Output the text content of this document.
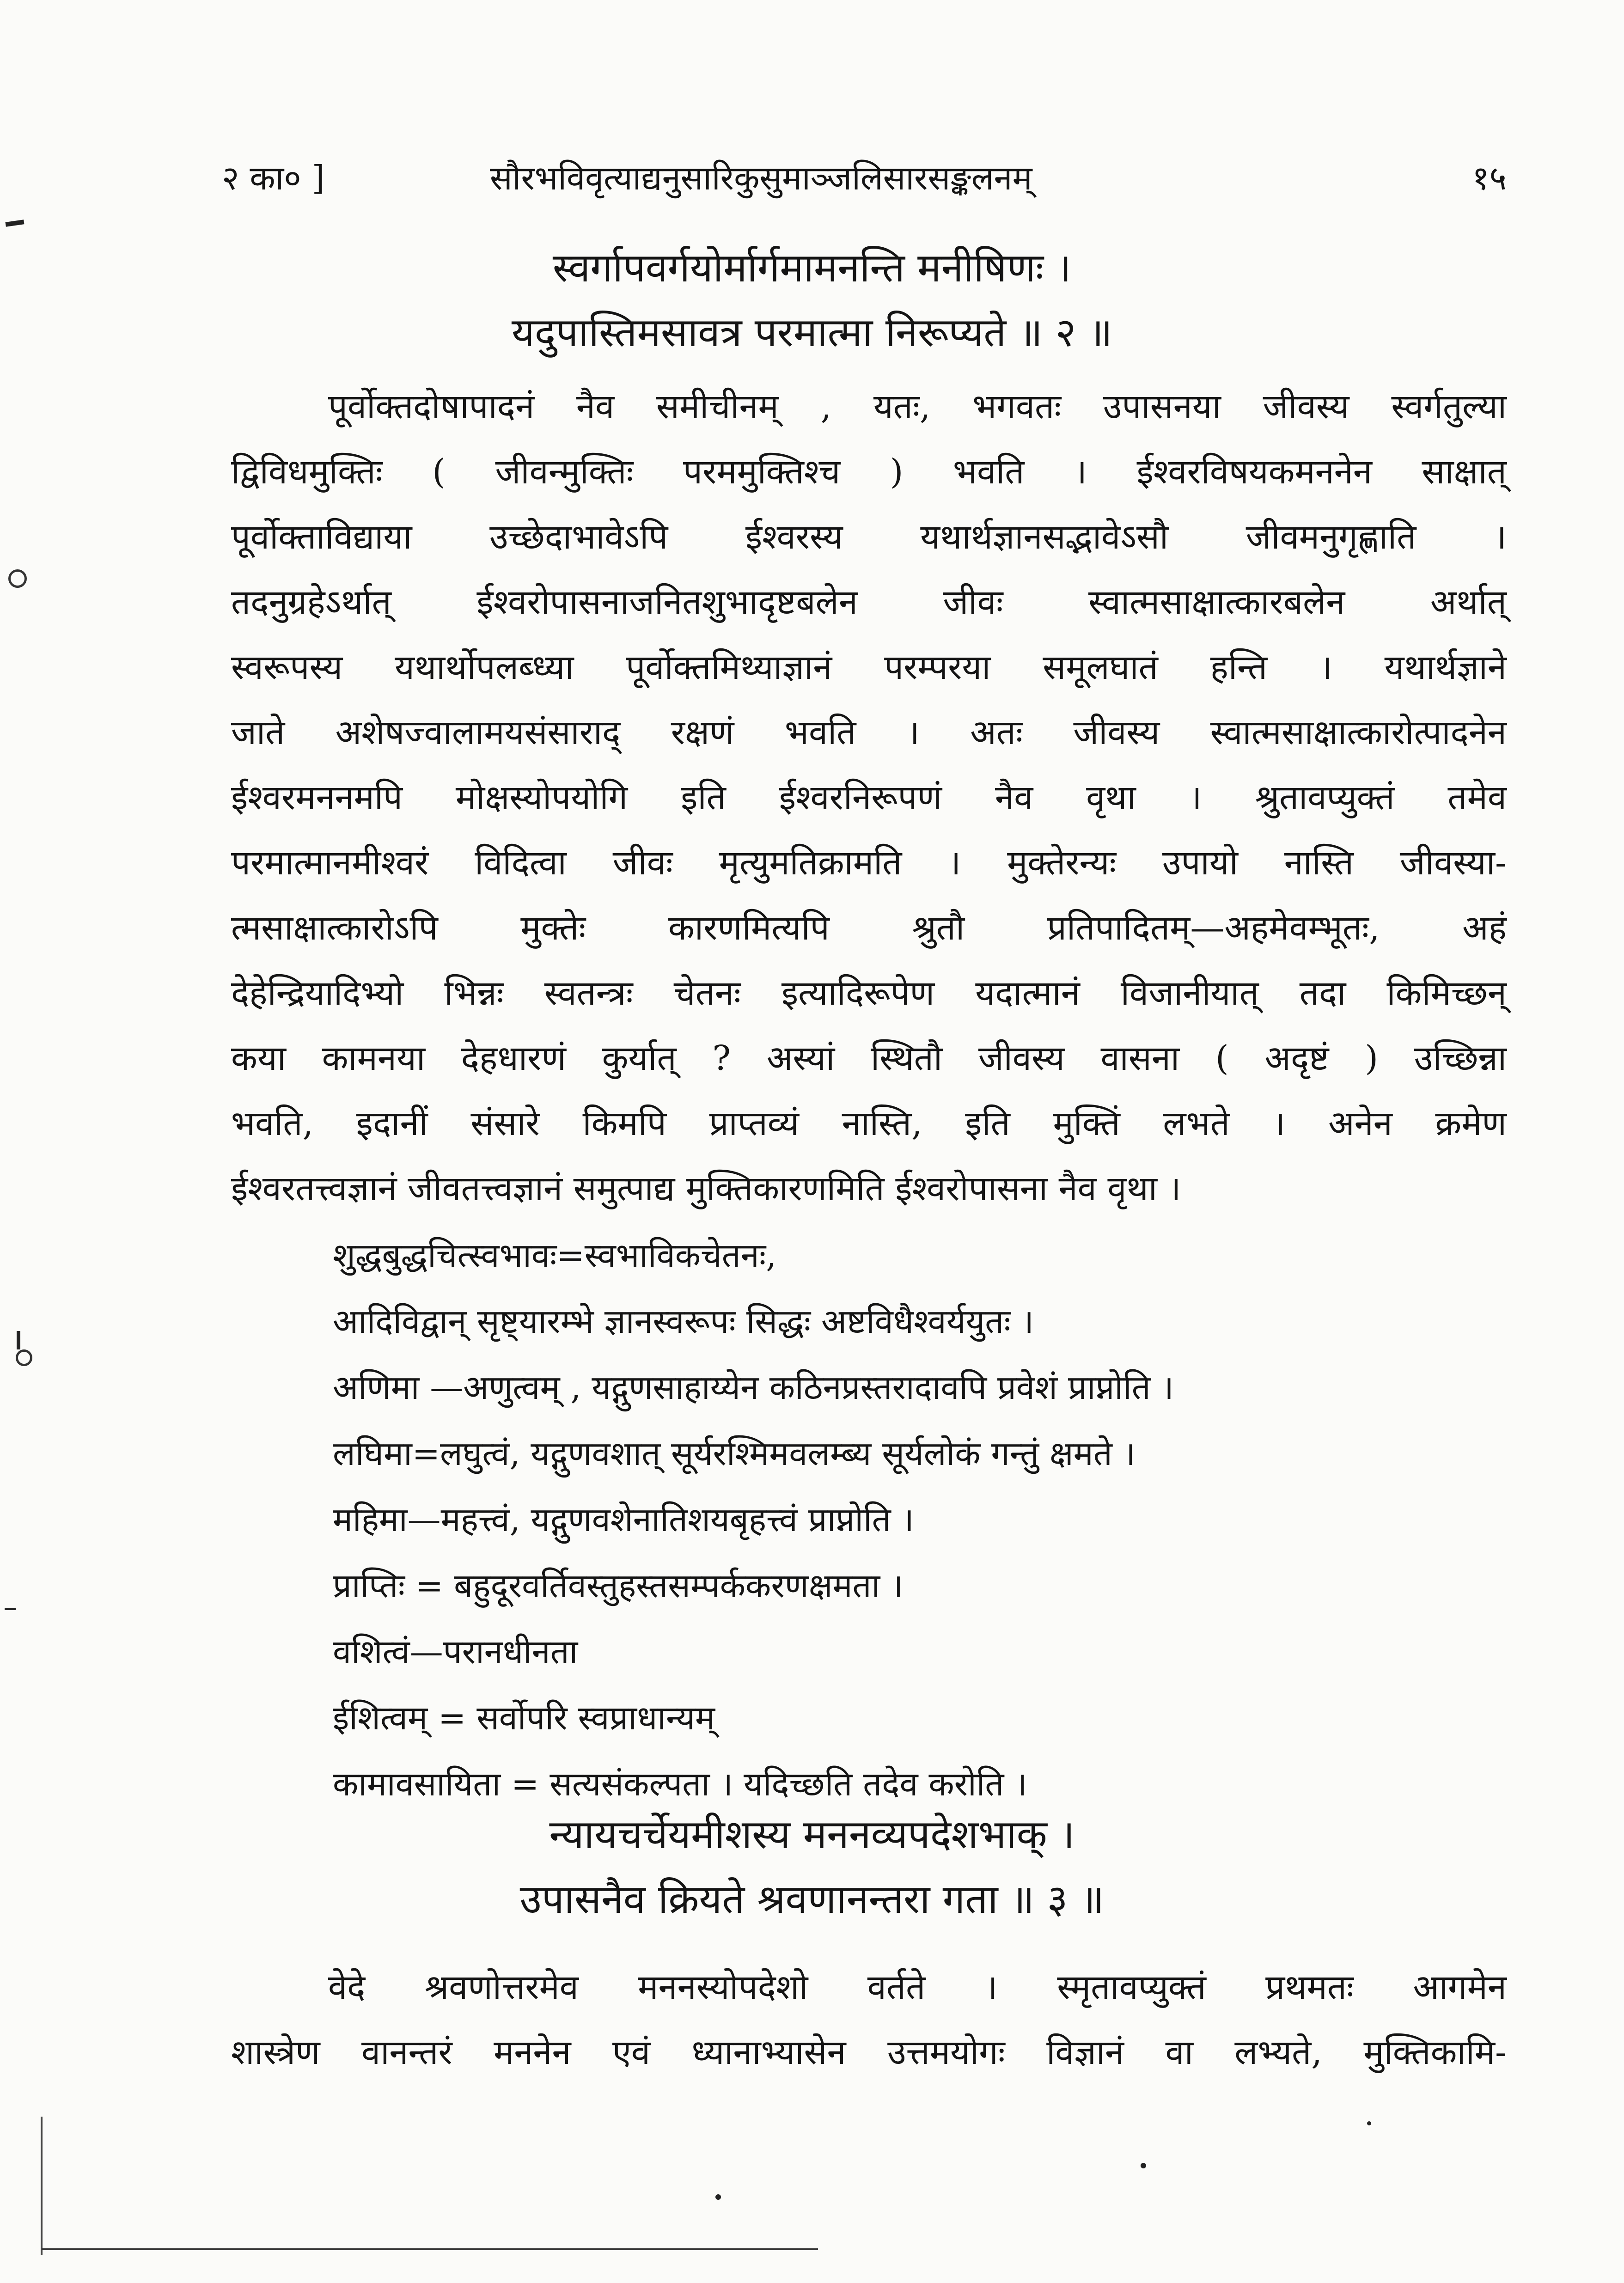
२ का० ]	सौरभविवृत्याद्यनुसारिकुसुमाञ्जलिसारसङ्कलनम्	१५
स्वर्गापवर्गयोर्मार्गमामनन्ति मनीषिणः ।
यदुपास्तिमसावत्र परमात्मा निरूप्यते ॥ २ ॥
पूर्वोक्तदोषापादनं नैव समीचीनम् , यतः, भगवतः उपासनया जीवस्य स्वर्गतुल्या
द्विविधमुक्तिः ( जीवन्मुक्तिः परममुक्तिश्च ) भवति । ईश्वरविषयकमननेन साक्षात्
पूर्वोक्ताविद्याया उच्छेदाभावेऽपि ईश्वरस्य यथार्थज्ञानसद्भावेऽसौ जीवमनुगृह्णाति ।
तदनुग्रहेऽर्थात् ईश्वरोपासनाजनितशुभादृष्टबलेन जीवः स्वात्मसाक्षात्कारबलेन अर्थात्
स्वरूपस्य यथार्थोपलब्ध्या पूर्वोक्तमिथ्याज्ञानं परम्परया समूलघातं हन्ति । यथार्थज्ञाने
जाते अशेषज्वालामयसंसाराद् रक्षणं भवति । अतः जीवस्य स्वात्मसाक्षात्कारोत्पादनेन
ईश्वरमनन‌मपि मोक्षस्योपयोगि इति ईश्वरनिरूपणं नैव वृथा । श्रुतावप्युक्तं तमेव
परमात्मानमीश्वरं विदित्वा जीवः मृत्युमतिक्रामति । मुक्तेरन्यः उपायो नास्ति जीवस्या-
त्मसाक्षात्कारोऽपि मुक्तेः कारणमित्यपि श्रुतौ प्रतिपादितम्—अहमेवम्भूतः, अहं
देहेन्द्रियादिभ्यो भिन्नः स्वतन्त्रः चेतनः इत्यादिरूपेण यदात्मानं विजानीयात् तदा किमिच्छन्
कया कामनया देहधारणं कुर्यात् ? अस्यां स्थितौ जीवस्य वासना ( अदृष्टं ) उच्छिन्ना
भवति, इदानीं संसारे किमपि प्राप्तव्यं नास्ति, इति मुक्तिं लभते । अनेन क्रमेण
ईश्वरतत्त्वज्ञानं जीवतत्त्वज्ञानं समुत्पाद्य मुक्तिकारणमिति ईश्वरोपासना नैव वृथा ।
शुद्धबुद्धचित्स्वभावः=स्वभाविकचेतनः,
आदिविद्वान् सृष्ट्यारम्भे ज्ञानस्वरूपः सिद्धः अष्टविधैश्वर्ययुतः ।
अणिमा —अणुत्वम् , यद्गुणसाहाय्येन कठिनप्रस्तरादावपि प्रवेशं प्राप्नोति ।
लघिमा=लघुत्वं, यद्गुणवशात् सूर्यरश्मिमवलम्ब्य सूर्यलोकं गन्तुं क्षमते ।
महिमा—महत्त्वं, यद्गुणवशेनातिशयबृहत्त्वं प्राप्नोति ।
प्राप्तिः = बहुदूरवर्तिवस्तुहस्तसम्पर्ककरणक्षमता ।
वशित्वं—परानधीनता
ईशित्वम् = सर्वोपरि स्वप्राधान्यम्
कामावसायिता = सत्यसंकल्पता । यदिच्छति तदेव करोति ।
न्यायचर्चेयमीशस्य मननव्यपदेशभाक् ।
उपासनैव क्रियते श्रवणानन्तरा गता ॥ ३ ॥
वेदे श्रवणोत्तरमेव मननस्योपदेशो वर्तते । स्मृतावप्युक्तं प्रथमतः आगमेन
शास्त्रेण वानन्तरं मननेन एवं ध्यानाभ्यासेन उत्तमयोगः विज्ञानं वा लभ्यते, मुक्तिकामि-
